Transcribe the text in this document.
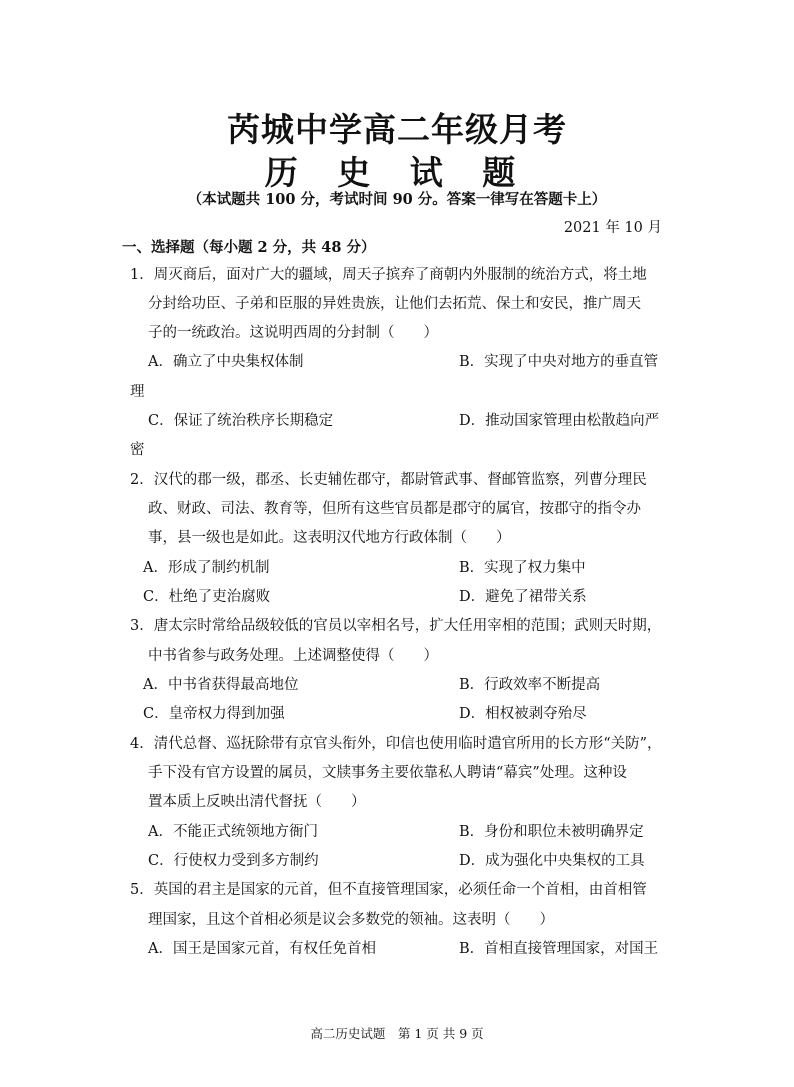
芮城中学高二年级月考
历 史 试 题
（本试题共 100 分，考试时间 90 分。答案一律写在答题卡上）
2021 年 10 月
一、选择题（每小题 2 分，共 48 分）
1．周灭商后，面对广大的疆域，周天子摈弃了商朝内外服制的统治方式，将土地
分封给功臣、子弟和臣服的异姓贵族，让他们去拓荒、保土和安民，推广周天
子的一统政治。这说明西周的分封制（　　）
A．确立了中央集权体制	B．实现了中央对地方的垂直管
理
C．保证了统治秩序长期稳定	D．推动国家管理由松散趋向严
密
2．汉代的郡一级，郡丞、长吏辅佐郡守，都尉管武事、督邮管监察，列曹分理民
政、财政、司法、教育等，但所有这些官员都是郡守的属官，按郡守的指令办
事，县一级也是如此。这表明汉代地方行政体制（　　）
A．形成了制约机制	B．实现了权力集中
C．杜绝了吏治腐败	D．避免了裙带关系
3．唐太宗时常给品级较低的官员以宰相名号，扩大任用宰相的范围；武则天时期，
中书省参与政务处理。上述调整使得（　　）
A．中书省获得最高地位	B．行政效率不断提高
C．皇帝权力得到加强	D．相权被剥夺殆尽
4．清代总督、巡抚除带有京官头衔外，印信也使用临时遣官所用的长方形“关防”，
手下没有官方设置的属员，文牍事务主要依靠私人聘请“幕宾”处理。这种设
置本质上反映出清代督抚（　　）
A．不能正式统领地方衙门	B．身份和职位未被明确界定
C．行使权力受到多方制约	D．成为强化中央集权的工具
5．英国的君主是国家的元首，但不直接管理国家，必须任命一个首相，由首相管
理国家，且这个首相必须是议会多数党的领袖。这表明（　　）
A．国王是国家元首，有权任免首相	B．首相直接管理国家，对国王
高二历史试题　第 1 页 共 9 页
